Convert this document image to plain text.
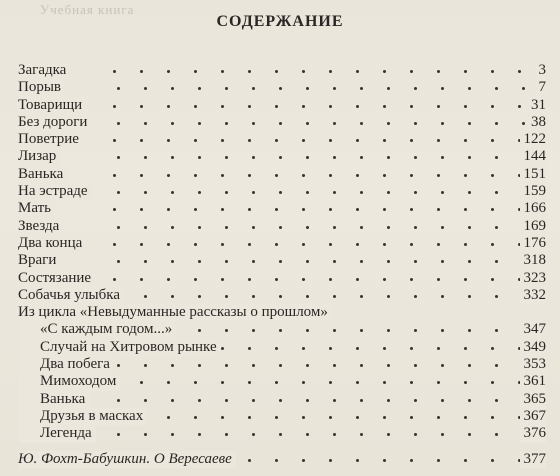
Учебная книга
СОДЕРЖАНИЕ
Загадка	3
Порыв	7
Товарищи	31
Без дороги	38
Поветрие	122
Лизар	144
Ванька	151
На эстраде	159
Мать	166
Звезда	169
Два конца	176
Враги	318
Состязание	323
Собачья улыбка	332
Из цикла «Невыдуманные рассказы о прошлом»
«С каждым годом...»	347
Случай на Хитровом рынке	349
Два побега	353
Мимоходом	361
Ванька	365
Друзья в масках	367
Легенда	376
Ю. Фохт-Бабушкин. О Вересаеве	377
